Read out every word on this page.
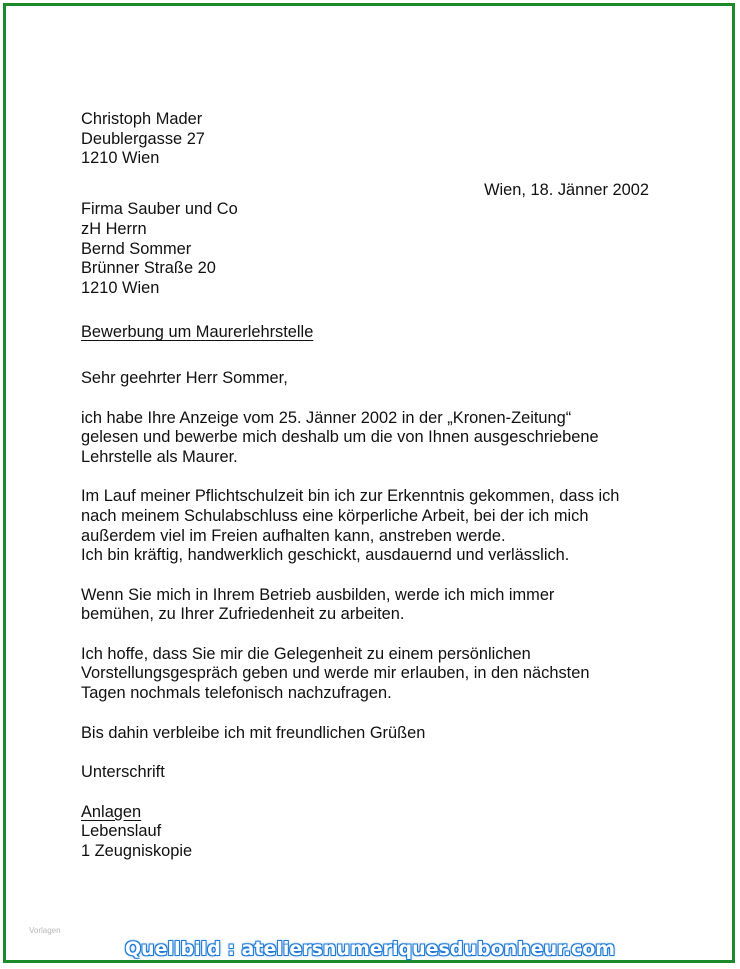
Christoph Mader
Deublergasse 27
1210 Wien
Wien, 18. Jänner 2002
Firma Sauber und Co
zH Herrn
Bernd Sommer
Brünner Straße 20
1210 Wien
Bewerbung um Maurerlehrstelle
Sehr geehrter Herr Sommer,
ich habe Ihre Anzeige vom 25. Jänner 2002 in der „Kronen-Zeitung“
gelesen und bewerbe mich deshalb um die von Ihnen ausgeschriebene
Lehrstelle als Maurer.
Im Lauf meiner Pflichtschulzeit bin ich zur Erkenntnis gekommen, dass ich
nach meinem Schulabschluss eine körperliche Arbeit, bei der ich mich
außerdem viel im Freien aufhalten kann, anstreben werde.
Ich bin kräftig, handwerklich geschickt, ausdauernd und verlässlich.
Wenn Sie mich in Ihrem Betrieb ausbilden, werde ich mich immer
bemühen, zu Ihrer Zufriedenheit zu arbeiten.
Ich hoffe, dass Sie mir die Gelegenheit zu einem persönlichen
Vorstellungsgespräch geben und werde mir erlauben, in den nächsten
Tagen nochmals telefonisch nachzufragen.
Bis dahin verbleibe ich mit freundlichen Grüßen
Unterschrift
Anlagen
Lebenslauf
1 Zeugniskopie
Vorlagen
Quellbild : ateliersnumeriquesdubonheur.com
